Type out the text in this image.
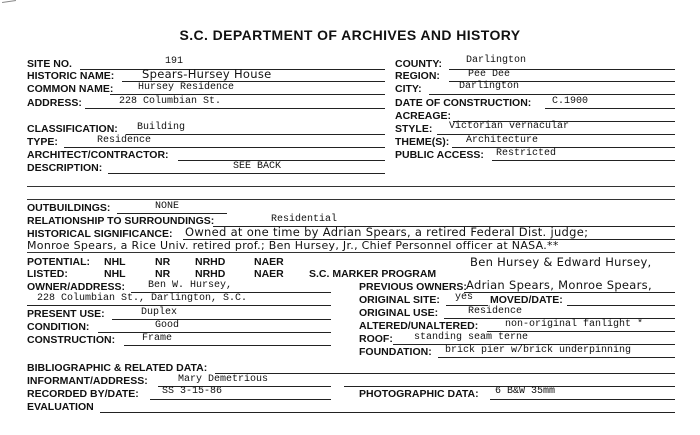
S.C. DEPARTMENT OF ARCHIVES AND HISTORY
SITE NO.	191
HISTORIC NAME: Spears-Hursey House
COMMON NAME: Hursey Residence
ADDRESS:	228 Columbian St.
COUNTY: Darlington
REGION:	Pee Dee
CITY:	Darlington
DATE OF CONSTRUCTION: C.1900
ACREAGE:
CLASSIFICATION: Building
TYPE:	Residence
ARCHITECT/CONTRACTOR:
DESCRIPTION:	SEE BACK
STYLE: Victorian vernacular
THEME(S): Architecture
PUBLIC ACCESS: Restricted
OUTBUILDINGS:	NONE
RELATIONSHIP TO SURROUNDINGS:	Residential
HISTORICAL SIGNIFICANCE: Owned at one time by Adrian Spears, a retired Federal Dist. judge;
Monroe Spears, a Rice Univ. retired prof.; Ben Hursey, Jr., Chief Personnel officer at NASA.**
POTENTIAL: NHL	NR NRHD	NAER	Ben Hursey & Edward Hursey,
LISTED:	NHL	NR NRHD	NAER S.C. MARKER PROGRAM
OWNER/ADDRESS: Ben W. Hursey,
228 Columbian St., Darlington, S.C.
PRESENT USE:	Duplex
CONDITION:	Good
CONSTRUCTION:	Frame
PREVIOUS OWNERS: Adrian Spears, Monroe Spears,
ORIGINAL SITE: yes MOVED/DATE:
ORIGINAL USE:	Residence
ALTERED/UNALTERED:	non-original fanlight *
ROOF: standing seam terne
FOUNDATION: brick pier w/brick underpinning
BIBLIOGRAPHIC & RELATED DATA:
INFORMANT/ADDRESS:	Mary Demetrious
RECORDED BY/DATE: SS 3-15-86	PHOTOGRAPHIC DATA: 6 B&W 35mm
EVALUATION
